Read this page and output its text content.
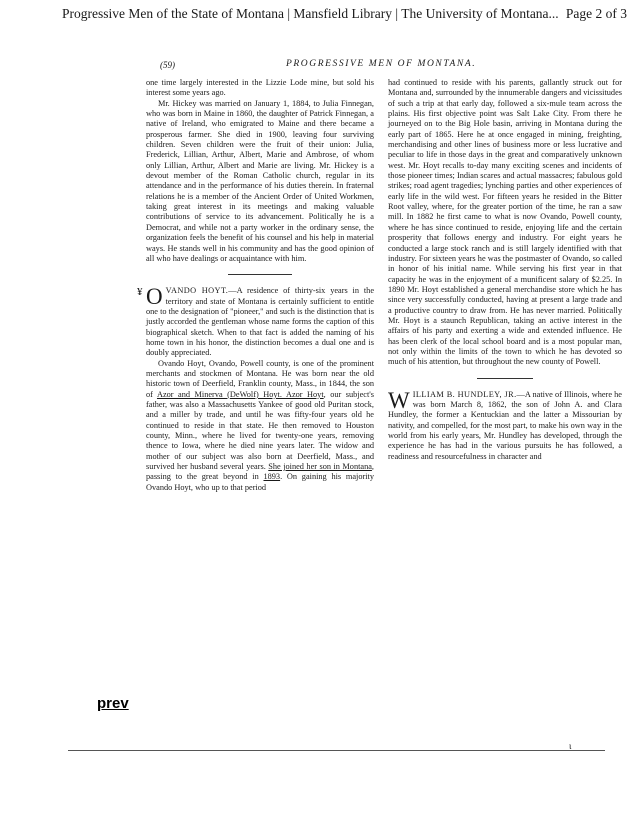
Progressive Men of the State of Montana | Mansfield Library | The University of Montana... Page 2 of 3
(59)	PROGRESSIVE MEN OF MONTANA.

one time largely interested in the Lizzie Lode mine, but sold his interest some years ago.

Mr. Hickey was married on January 1, 1884, to Julia Finnegan, who was born in Maine in 1860, the daughter of Patrick Finnegan, a native of Ireland, who emigrated to Maine and there became a prosperous farmer. She died in 1900, leaving four surviving children. Seven children were the fruit of their union: Julia, Frederick, Lillian, Arthur, Albert, Marie and Ambrose, of whom only Lillian, Arthur, Albert and Marie are living. Mr. Hickey is a devout member of the Roman Catholic church, regular in its attendance and in the performance of his duties therein. In fraternal relations he is a member of the Ancient Order of United Workmen, taking great interest in its meetings and making valuable contributions of service to its advancement. Politically he is a Democrat, and while not a party worker in the ordinary sense, the organization feels the benefit of his counsel and his help in material ways. He stands well in his community and has the good opinion of all who have dealings or acquaintance with him.

¥ O VANDO HOYT.—A residence of thirty-six years in the territory and state of Montana is certainly sufficient to entitle one to the designation of "pioneer," and such is the distinction that is justly accorded the gentleman whose name forms the caption of this biographical sketch. When to that fact is added the naming of his home town in his honor, the distinction becomes a dual one and is doubly appreciated.

Ovando Hoyt, Ovando, Powell county, is one of the prominent merchants and stockmen of Montana. He was born near the old historic town of Deerfield, Franklin county, Mass., in 1844, the son of Azor and Minerva (DeWolf) Hoyt. Azor Hoyt, our subject's father, was also a Massachusetts Yankee of good old Puritan stock, and a miller by trade, and until he was fifty-four years old he continued to reside in that state. He then removed to Houston county, Minn., where he lived for twenty-one years, removing thence to Iowa, where he died nine years later. The widow and mother of our subject was also born at Deerfield, Mass., and survived her husband several years. She joined her son in Montana, passing to the great beyond in 1893. On gaining his majority Ovando Hoyt, who up to that period

had continued to reside with his parents, gallantly struck out for Montana and, surrounded by the innumerable dangers and vicissitudes of such a trip at that early day, followed a six-mule team across the plains. His first objective point was Salt Lake City. From there he journeyed on to the Big Hole basin, arriving in Montana during the early part of 1865. Here he at once engaged in mining, freighting, merchandising and other lines of business more or less lucrative and peculiar to life in those days in the great and comparatively unknown west. Mr. Hoyt recalls to-day many exciting scenes and incidents of those pioneer times; Indian scares and actual massacres; fabulous gold strikes; road agent tragedies; lynching parties and other experiences of early life in the wild west. For fifteen years he resided in the Bitter Root valley, where, for the greater portion of the time, he ran a saw mill. In 1882 he first came to what is now Ovando, Powell county, where he has since continued to reside, enjoying life and the certain prosperity that follows energy and industry. For eight years he conducted a large stock ranch and is still largely identified with that industry. For sixteen years he was the postmaster of Ovando, so called in honor of his initial name. While serving his first year in that capacity he was in the enjoyment of a munificent salary of $2.25. In 1890 Mr. Hoyt established a general merchandise store which he has since very successfully conducted, having at present a large trade and a productive country to draw from. He has never married. Politically Mr. Hoyt is a staunch Republican, taking an active interest in the affairs of his party and exerting a wide and extended influence. He has been clerk of the local school board and is a most popular man, not only within the limits of the town to which he has devoted so much of his attention, but throughout the new county of Powell.

W ILLIAM B. HUNDLEY, JR.—A native of Illinois, where he was born March 8, 1862, the son of John A. and Clara Hundley, the former a Kentuckian and the latter a Missourian by nativity, and compelled, for the most part, to make his own way in the world from his early years, Mr. Hundley has developed, through the experience he has had in the various pursuits he has followed, a readiness and resourcefulness in character and

prev
ι
